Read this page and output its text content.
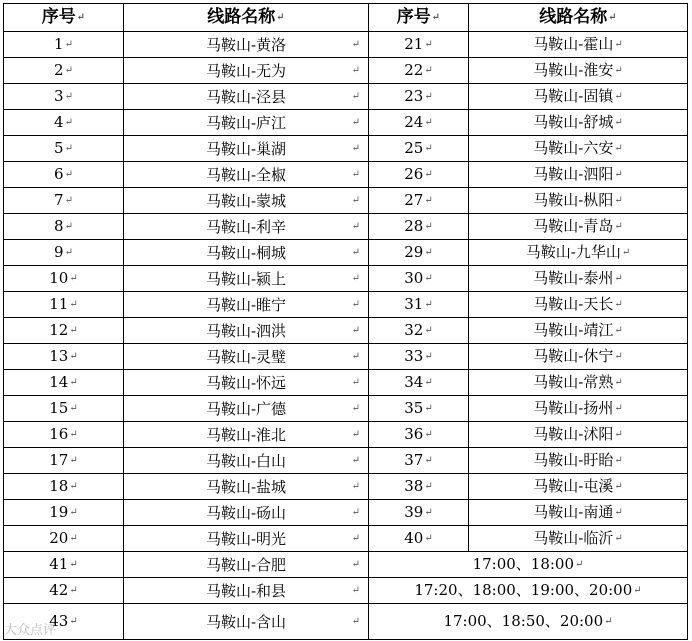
序号↵	线路名称↵	序号↵	线路名称↵
1↵	马鞍山-黄洛 ↵	21↵	马鞍山-霍山↵
2↵	马鞍山-无为 ↵	22↵	马鞍山-淮安↵
3↵	马鞍山-泾县 ↵	23↵	马鞍山-固镇↵
4↵	马鞍山-庐江 ↵	24↵	马鞍山-舒城↵
5↵	马鞍山-巢湖 ↵	25↵	马鞍山-六安↵
6↵	马鞍山-全椒 ↵	26↵	马鞍山-泗阳↵
7↵	马鞍山-蒙城 ↵	27↵	马鞍山-枞阳↵
8↵	马鞍山-利辛 ↵	28↵	马鞍山-青岛↵
9↵	马鞍山-桐城 ↵	29↵	马鞍山-九华山↵
10↵	马鞍山-颍上 ↵	30↵	马鞍山-泰州↵
11↵	马鞍山-睢宁 ↵	31↵	马鞍山-天长↵
12↵	马鞍山-泗洪 ↵	32↵	马鞍山-靖江↵
13↵	马鞍山-灵璧 ↵	33↵	马鞍山-休宁↵
14↵	马鞍山-怀远 ↵	34↵	马鞍山-常熟↵
15↵	马鞍山-广德 ↵	35↵	马鞍山-扬州↵
16↵	马鞍山-淮北 ↵	36↵	马鞍山-沭阳↵
17↵	马鞍山-白山 ↵	37↵	马鞍山-盱眙↵
18↵	马鞍山-盐城 ↵	38↵	马鞍山-屯溪↵
19↵	马鞍山-砀山 ↵	39↵	马鞍山-南通↵
20↵	马鞍山-明光 ↵	40↵	马鞍山-临沂↵
41↵	马鞍山-合肥 ↵	17:00、18:00↵	
42↵	马鞍山-和县 ↵	17:20、18:00、19:00、20:00↵	
43↵	马鞍山-含山 ↵	17:00、18:50、20:00↵	
大众点评
